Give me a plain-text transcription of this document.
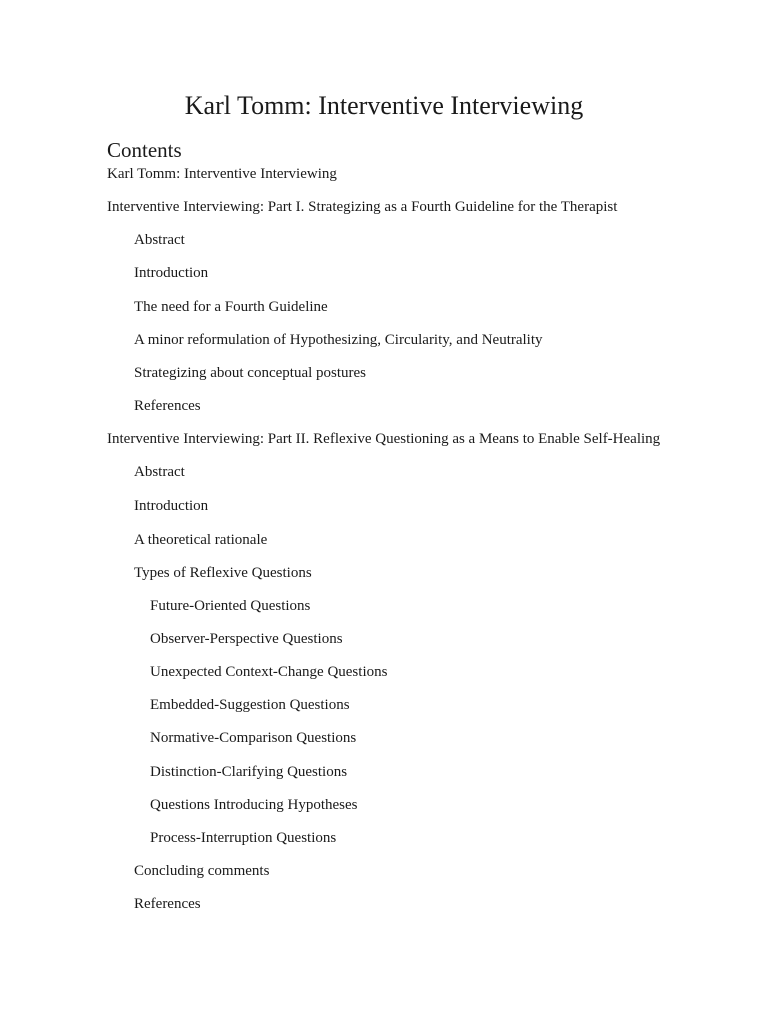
Karl Tomm: Interventive Interviewing
Contents
Karl Tomm: Interventive Interviewing
Interventive Interviewing: Part I. Strategizing as a Fourth Guideline for the Therapist
Abstract
Introduction
The need for a Fourth Guideline
A minor reformulation of Hypothesizing, Circularity, and Neutrality
Strategizing about conceptual postures
References
Interventive Interviewing: Part II. Reflexive Questioning as a Means to Enable Self-Healing
Abstract
Introduction
A theoretical rationale
Types of Reflexive Questions
Future-Oriented Questions
Observer-Perspective Questions
Unexpected Context-Change Questions
Embedded-Suggestion Questions
Normative-Comparison Questions
Distinction-Clarifying Questions
Questions Introducing Hypotheses
Process-Interruption Questions
Concluding comments
References
